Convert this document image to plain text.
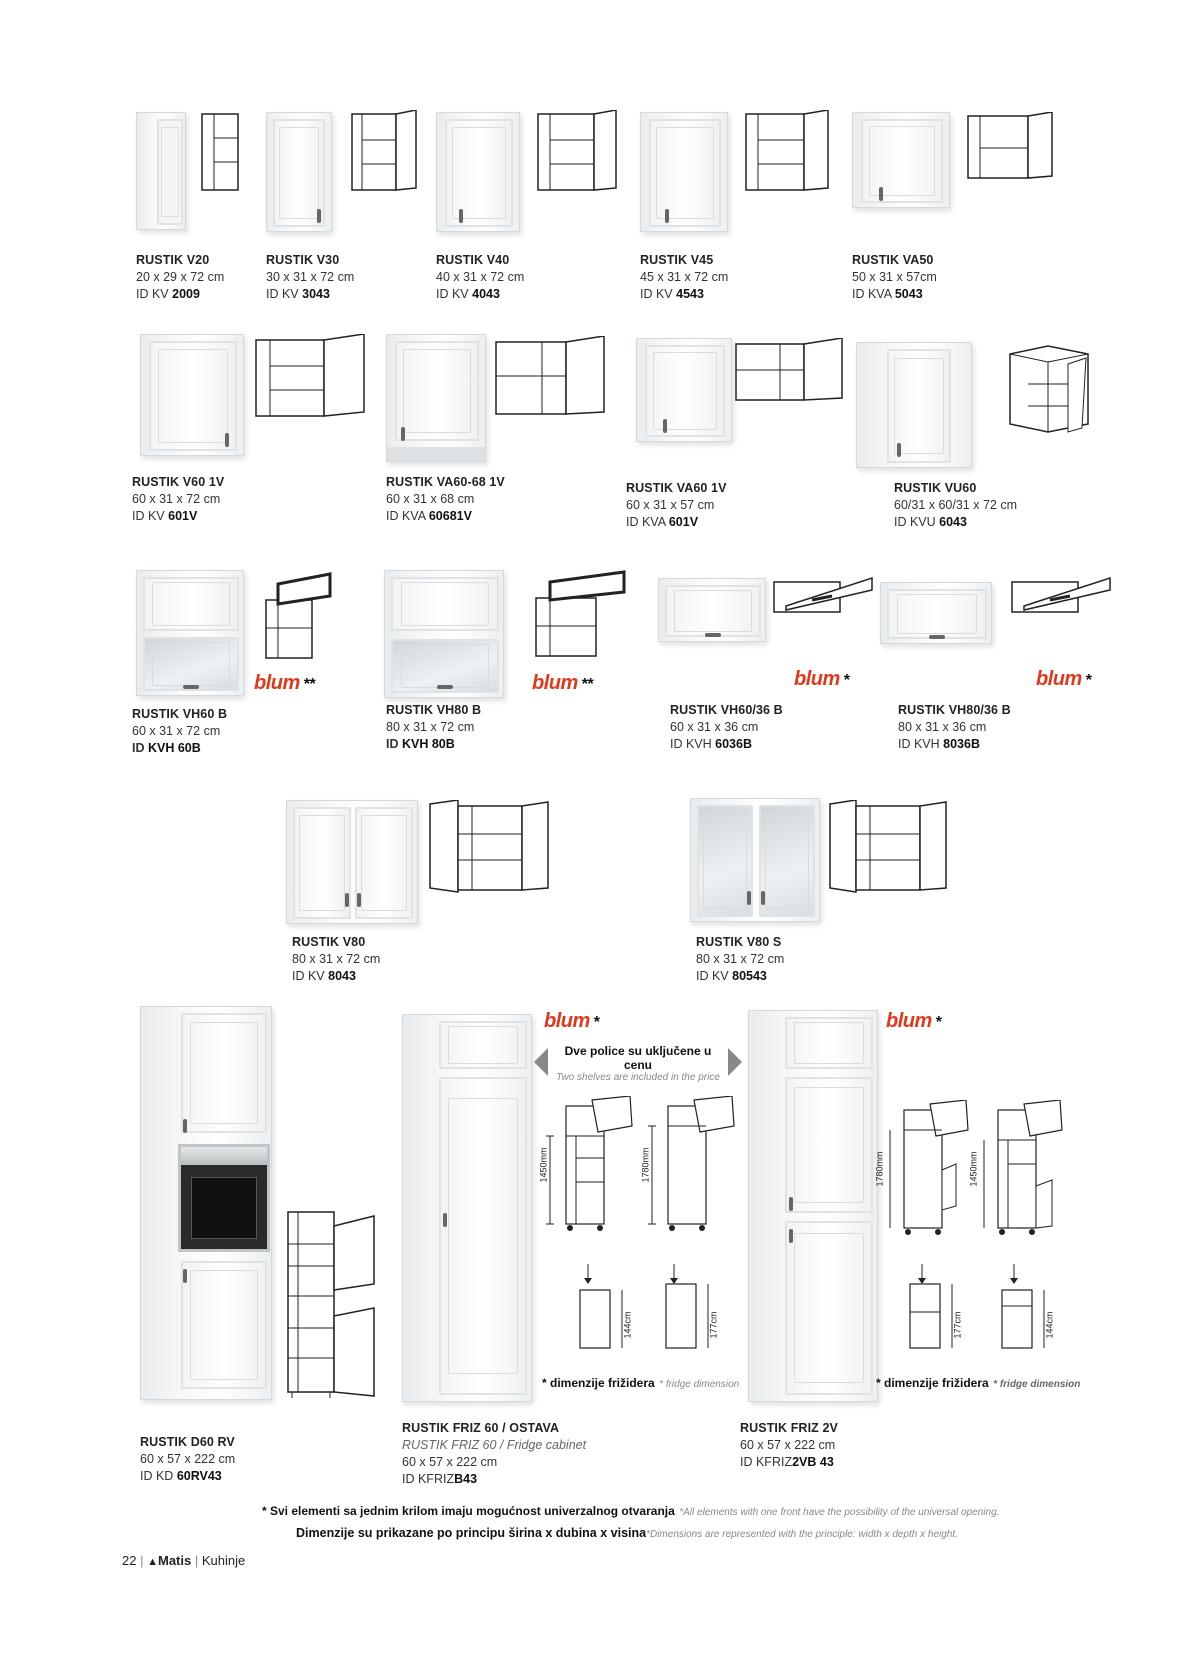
RUSTIK V20
20 x 29 x 72 cm
ID KV 2009
RUSTIK V30
30 x 31 x 72 cm
ID KV 3043
RUSTIK V40
40 x 31 x 72 cm
ID KV 4043
RUSTIK V45
45 x 31 x 72 cm
ID KV 4543
RUSTIK VA50
50 x 31 x 57cm
ID KVA 5043
RUSTIK V60 1V
60 x 31 x 72 cm
ID KV 601V
RUSTIK VA60-68 1V
60 x 31 x 68 cm
ID KVA 60681V
RUSTIK VA60 1V
60 x 31 x 57 cm
ID KVA 601V
RUSTIK VU60
60/31 x 60/31 x 72 cm
ID KVU 6043
blum **
RUSTIK VH60 B
60 x 31 x 72 cm
ID KVH 60B
blum **
RUSTIK VH80 B
80 x 31 x 72 cm
ID KVH 80B
blum *
RUSTIK VH60/36 B
60 x 31 x 36 cm
ID KVH 6036B
blum *
RUSTIK VH80/36 B
80 x 31 x 36 cm
ID KVH 8036B
RUSTIK V80
80 x 31 x 72 cm
ID KV 8043
RUSTIK V80 S
80 x 31 x 72 cm
ID KV 80543
RUSTIK D60 RV
60 x 57 x 222 cm
ID KD 60RV43
blum *
Dve police su uključene u cenu
Two shelves are included in the price
1450mm	1780mm
144cm	177cm
* dimenzije frižidera * fridge dimension
RUSTIK FRIZ 60 / OSTAVA
RUSTIK FRIZ 60 / Fridge cabinet
60 x 57 x 222 cm
ID KFRIZB43
blum *
1780mm	1450mm
177cm	144cm
* dimenzije frižidera * fridge dimension
RUSTIK FRIZ 2V
60 x 57 x 222 cm
ID KFRIZ2VB 43
* Svi elementi sa jednim krilom imaju mogućnost univerzalnog otvaranja *All elements with one front have the possibility of the universal opening.
Dimenzije su prikazane po principu širina x dubina x visina*Dimensions are represented with the principle: width x depth x height.
22 | ▲Matis | Kuhinje
